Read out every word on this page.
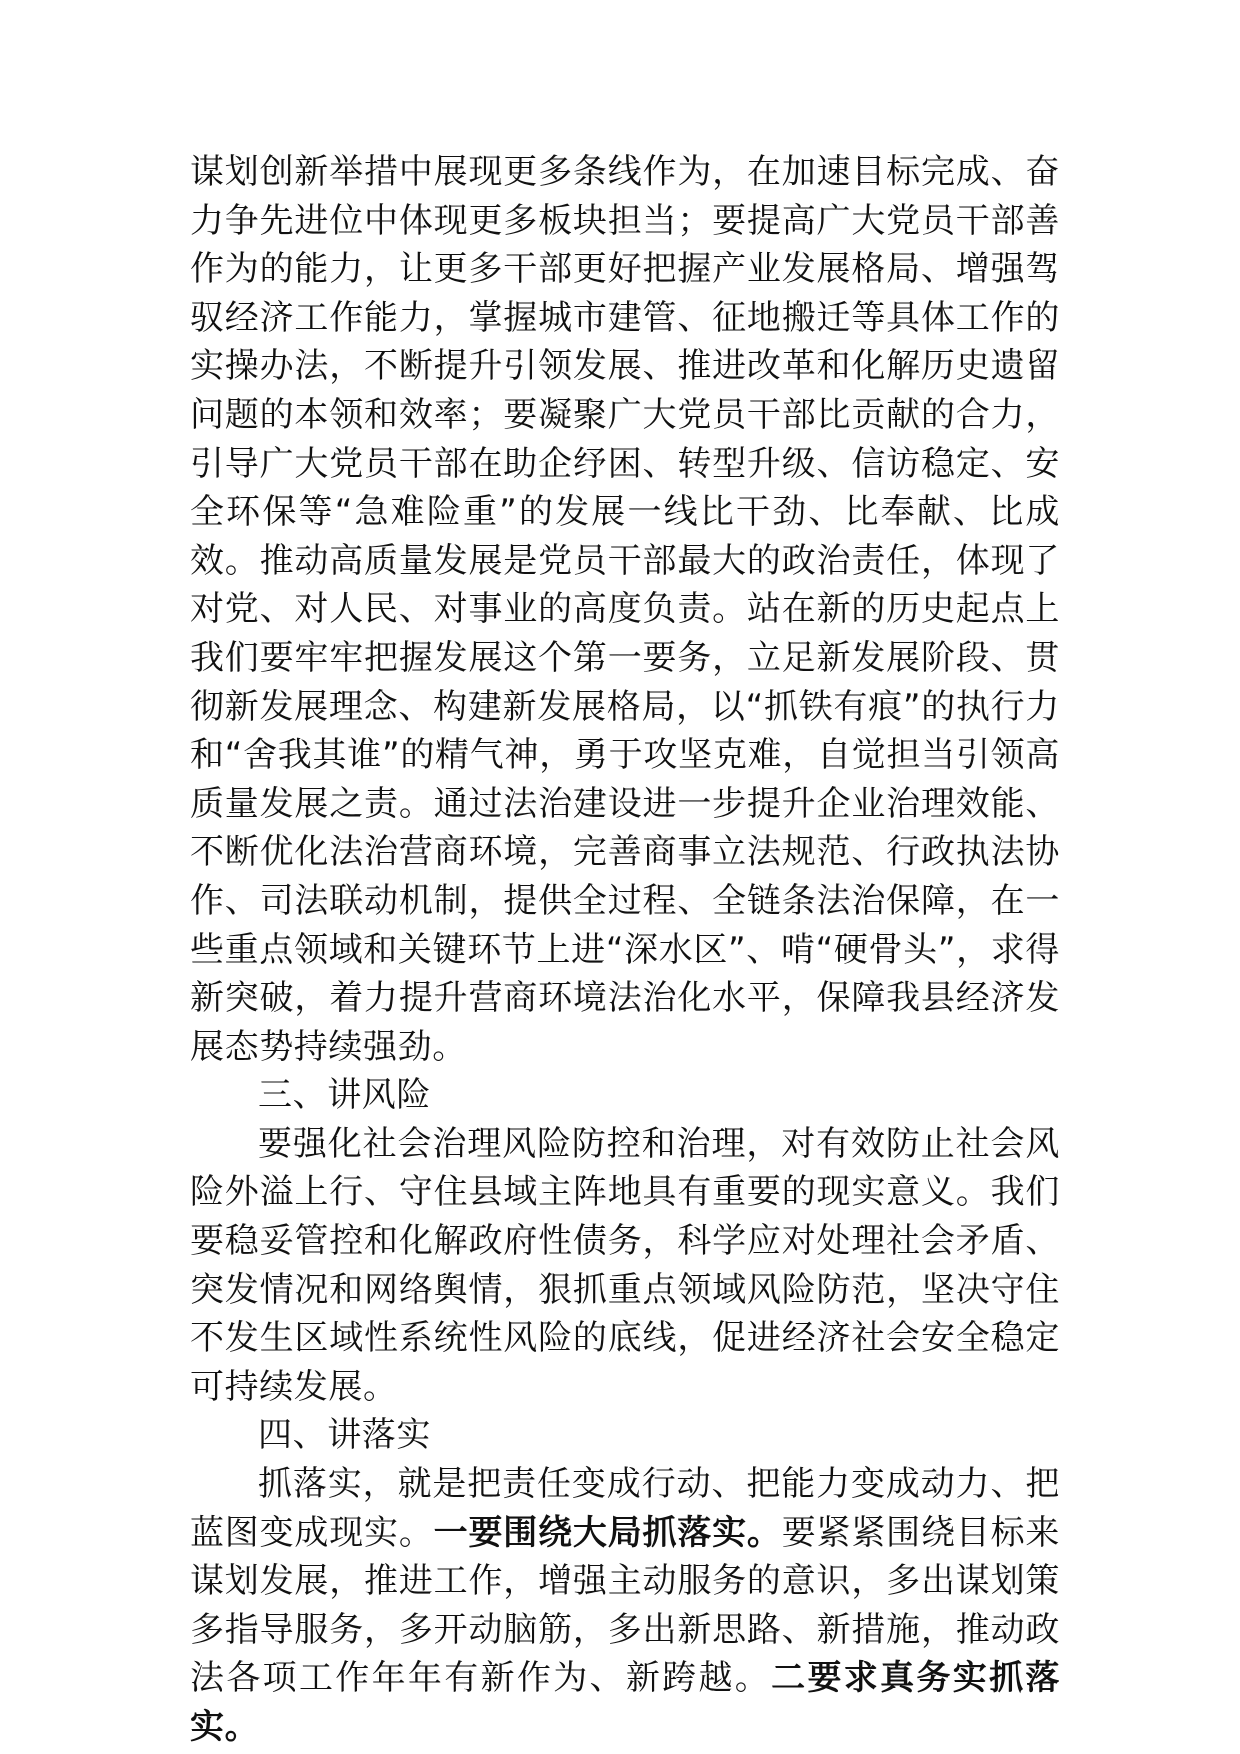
谋划创新举措中展现更多条线作为，在加速目标完成、奋力争先进位中体现更多板块担当；要提高广大党员干部善作为的能力，让更多干部更好把握产业发展格局、增强驾驭经济工作能力，掌握城市建管、征地搬迁等具体工作的实操办法，不断提升引领发展、推进改革和化解历史遗留问题的本领和效率；要凝聚广大党员干部比贡献的合力，引导广大党员干部在助企纾困、转型升级、信访稳定、安全环保等“急难险重”的发展一线比干劲、比奉献、比成效。推动高质量发展是党员干部最大的政治责任，体现了对党、对人民、对事业的高度负责。站在新的历史起点上我们要牢牢把握发展这个第一要务，立足新发展阶段、贯彻新发展理念、构建新发展格局，以“抓铁有痕”的执行力和“舍我其谁”的精气神，勇于攻坚克难，自觉担当引领高质量发展之责。通过法治建设进一步提升企业治理效能、不断优化法治营商环境，完善商事立法规范、行政执法协作、司法联动机制，提供全过程、全链条法治保障，在一些重点领域和关键环节上进“深水区”、啃“硬骨头”，求得新突破，着力提升营商环境法治化水平，保障我县经济发展态势持续强劲。

三、讲风险

要强化社会治理风险防控和治理，对有效防止社会风险外溢上行、守住县域主阵地具有重要的现实意义。我们要稳妥管控和化解政府性债务，科学应对处理社会矛盾、突发情况和网络舆情，狠抓重点领域风险防范，坚决守住不发生区域性系统性风险的底线，促进经济社会安全稳定可持续发展。

四、讲落实

抓落实，就是把责任变成行动、把能力变成动力、把蓝图变成现实。一要围绕大局抓落实。要紧紧围绕目标来谋划发展，推进工作，增强主动服务的意识，多出谋划策多指导服务，多开动脑筋，多出新思路、新措施，推动政法各项工作年年有新作为、新跨越。二要求真务实抓落实。
